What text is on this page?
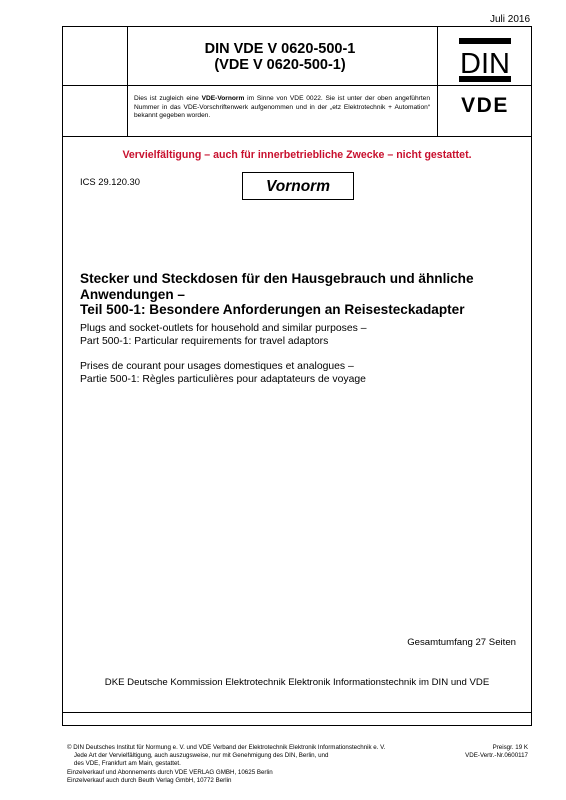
Juli 2016
DIN VDE V 0620-500-1
(VDE V 0620-500-1)	DIN
VDE
Dies ist zugleich eine VDE-Vornorm im Sinne von VDE 0022. Sie ist unter der oben angeführten Nummer in das VDE-Vorschriftenwerk aufgenommen und in der „etz Elektrotechnik + Automation“ bekannt gegeben worden.
Vervielfältigung – auch für innerbetriebliche Zwecke – nicht gestattet.
ICS 29.120.30	Vornorm
Stecker und Steckdosen für den Hausgebrauch und ähnliche
Anwendungen –
Teil 500-1: Besondere Anforderungen an Reisesteckadapter
Plugs and socket-outlets for household and similar purposes –
Part 500-1: Particular requirements for travel adaptors
Prises de courant pour usages domestiques et analogues –
Partie 500-1: Règles particulières pour adaptateurs de voyage
Gesamtumfang 27 Seiten
DKE Deutsche Kommission Elektrotechnik Elektronik Informationstechnik im DIN und VDE
© DIN Deutsches Institut für Normung e. V. und VDE Verband der Elektrotechnik Elektronik Informationstechnik e. V.
Jede Art der Vervielfältigung, auch auszugsweise, nur mit Genehmigung des DIN, Berlin, und
des VDE, Frankfurt am Main, gestattet.
Einzelverkauf und Abonnements durch VDE VERLAG GMBH, 10625 Berlin
Einzelverkauf auch durch Beuth Verlag GmbH, 10772 Berlin
Preisgr. 19 K
VDE-Vertr.-Nr.0600117
